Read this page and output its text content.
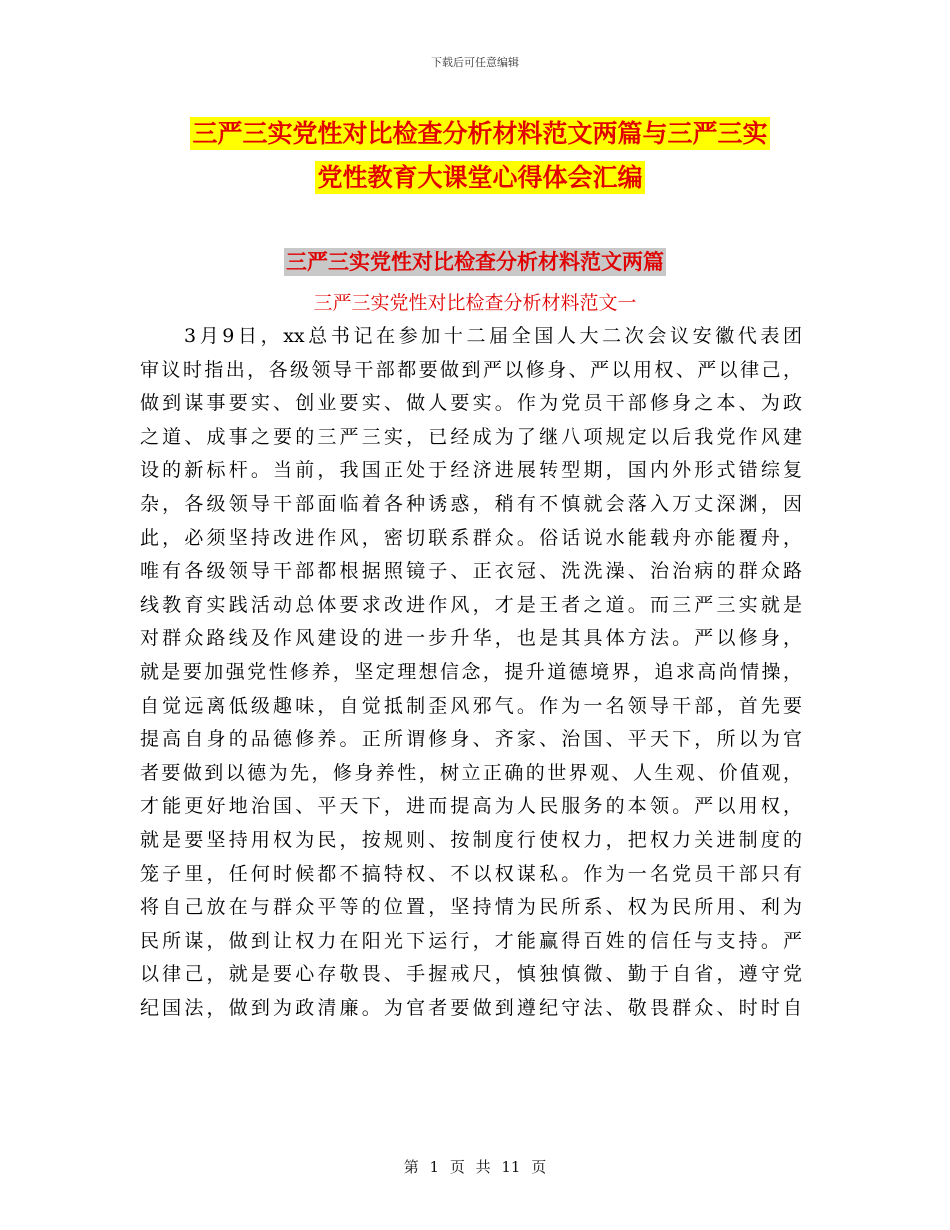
下载后可任意编辑
三严三实党性对比检查分析材料范文两篇与三严三实
党性教育大课堂心得体会汇编
三严三实党性对比检查分析材料范文两篇
三严三实党性对比检查分析材料范文一
3月9日，xx总书记在参加十二届全国人大二次会议安徽代表团
审议时指出，各级领导干部都要做到严以修身、严以用权、严以律己，
做到谋事要实、创业要实、做人要实。作为党员干部修身之本、为政
之道、成事之要的三严三实，已经成为了继八项规定以后我党作风建
设的新标杆。当前，我国正处于经济进展转型期，国内外形式错综复
杂，各级领导干部面临着各种诱惑，稍有不慎就会落入万丈深渊，因
此，必须坚持改进作风，密切联系群众。俗话说水能载舟亦能覆舟，
唯有各级领导干部都根据照镜子、正衣冠、洗洗澡、治治病的群众路
线教育实践活动总体要求改进作风，才是王者之道。而三严三实就是
对群众路线及作风建设的进一步升华，也是其具体方法。严以修身，
就是要加强党性修养，坚定理想信念，提升道德境界，追求高尚情操，
自觉远离低级趣味，自觉抵制歪风邪气。作为一名领导干部，首先要
提高自身的品德修养。正所谓修身、齐家、治国、平天下，所以为官
者要做到以德为先，修身养性，树立正确的世界观、人生观、价值观，
才能更好地治国、平天下，进而提高为人民服务的本领。严以用权，
就是要坚持用权为民，按规则、按制度行使权力，把权力关进制度的
笼子里，任何时候都不搞特权、不以权谋私。作为一名党员干部只有
将自己放在与群众平等的位置，坚持情为民所系、权为民所用、利为
民所谋，做到让权力在阳光下运行，才能赢得百姓的信任与支持。严
以律己，就是要心存敬畏、手握戒尺，慎独慎微、勤于自省，遵守党
纪国法，做到为政清廉。为官者要做到遵纪守法、敬畏群众、时时自
第 1 页 共 11 页
